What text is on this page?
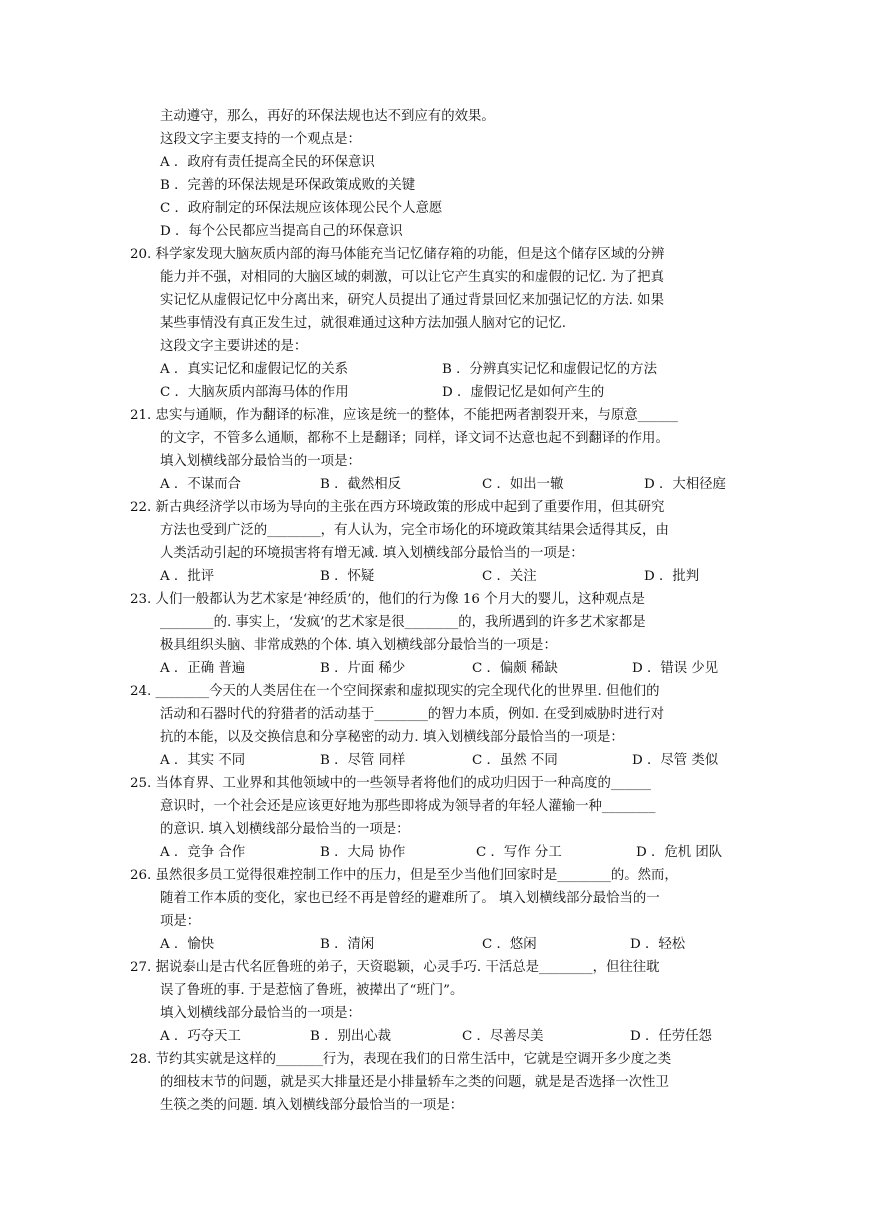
主动遵守，那么，再好的环保法规也达不到应有的效果。
这段文字主要支持的一个观点是：
A ．政府有责任提高全民的环保意识
B ．完善的环保法规是环保政策成败的关键
C ．政府制定的环保法规应该体现公民个人意愿
D ．每个公民都应当提高自己的环保意识
20. 科学家发现大脑灰质内部的海马体能充当记忆储存箱的功能，但是这个储存区域的分辨
能力并不强，对相同的大脑区域的刺激，可以让它产生真实的和虚假的记忆. 为了把真
实记忆从虚假记忆中分离出来，研究人员提出了通过背景回忆来加强记忆的方法. 如果
某些事情没有真正发生过，就很难通过这种方法加强人脑对它的记忆.
这段文字主要讲述的是：
A ．真实记忆和虚假记忆的关系	B ．分辨真实记忆和虚假记忆的方法
C ．大脑灰质内部海马体的作用	D ．虚假记忆是如何产生的
21. 忠实与通顺，作为翻译的标准，应该是统一的整体，不能把两者割裂开来，与原意______
的文字，不管多么通顺，都称不上是翻译；同样，译文词不达意也起不到翻译的作用。
填入划横线部分最恰当的一项是：
22. 新古典经济学以市场为导向的主张在西方环境政策的形成中起到了重要作用，但其研究
方法也受到广泛的________，有人认为，完全市场化的环境政策其结果会适得其反，由
人类活动引起的环境损害将有增无减. 填入划横线部分最恰当的一项是：
23. 人们一般都认为艺术家是‘神经质’的，他们的行为像 16 个月大的婴儿，这种观点是
________的. 事实上，‘发疯’的艺术家是很________的，我所遇到的许多艺术家都是
极具组织头脑、非常成熟的个体. 填入划横线部分最恰当的一项是：
24. ________今天的人类居住在一个空间探索和虚拟现实的完全现代化的世界里. 但他们的
活动和石器时代的狩猎者的活动基于________的智力本质，例如. 在受到威胁时进行对
抗的本能，以及交换信息和分享秘密的动力. 填入划横线部分最恰当的一项是：
25. 当体育界、工业界和其他领域中的一些领导者将他们的成功归因于一种高度的______
意识时，一个社会还是应该更好地为那些即将成为领导者的年轻人灌输一种________
的意识. 填入划横线部分最恰当的一项是：
26. 虽然很多员工觉得很难控制工作中的压力，但是至少当他们回家时是________的。然而，
随着工作本质的变化，家也已经不再是曾经的避难所了。 填入划横线部分最恰当的一
项是：
27. 据说泰山是古代名匠鲁班的弟子，天资聪颖，心灵手巧. 干活总是________，但往往耽
误了鲁班的事. 于是惹恼了鲁班，被撵出了“班门”。
填入划横线部分最恰当的一项是：
28. 节约其实就是这样的_______行为，表现在我们的日常生活中，它就是空调开多少度之类
的细枝末节的问题，就是买大排量还是小排量轿车之类的问题，就是是否选择一次性卫
生筷之类的问题. 填入划横线部分最恰当的一项是：
A ．不谋而合	B ．截然相反	C ．如出一辙	D ．大相径庭
A ．批评	B ．怀疑	C ．关注	D ．批判
A ．正确 普遍	B ．片面 稀少	C ．偏颇 稀缺	D ．错误 少见
A ．其实 不同	B ．尽管 同样	C ．虽然 不同	D ．尽管 类似
A ．竞争 合作	B ．大局 协作	C ．写作 分工	D ．危机 团队
A ．愉快	B ．清闲	C ．悠闲	D ．轻松
A ．巧夺天工	B ．别出心裁	C ．尽善尽美	D ．任劳任怨
